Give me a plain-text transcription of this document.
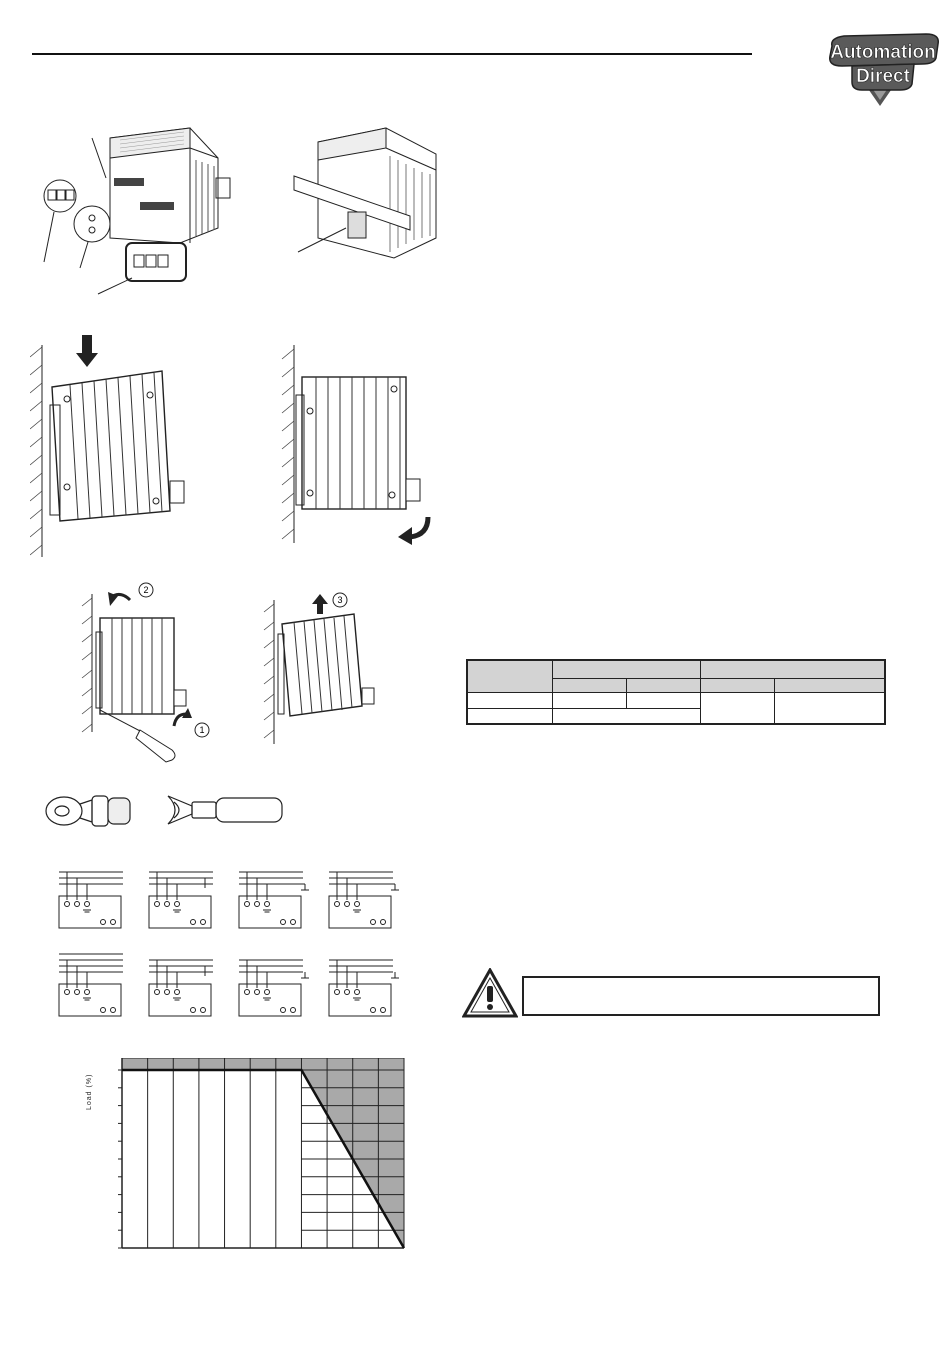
Automation
Direct
2
1
3

Load (%)
